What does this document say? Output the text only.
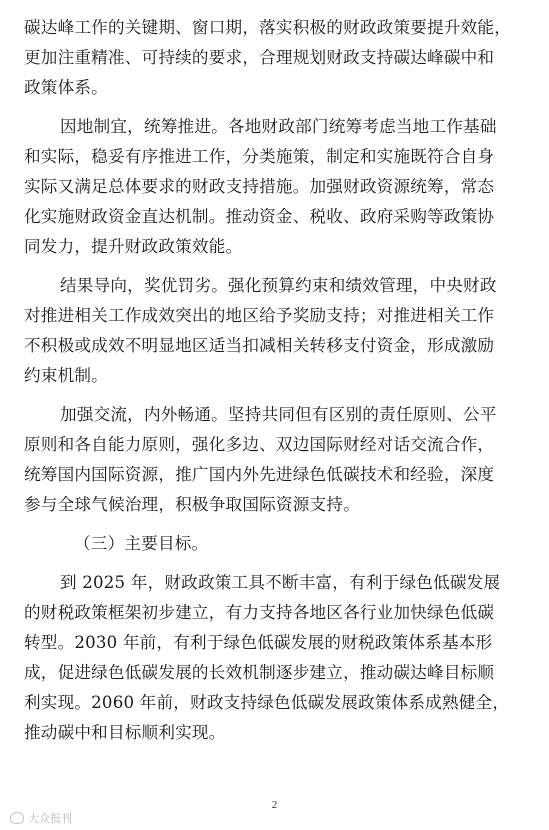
碳达峰工作的关键期、窗口期，落实积极的财政政策要提升效能，
更加注重精准、可持续的要求，合理规划财政支持碳达峰碳中和
政策体系。
因地制宜，统筹推进。各地财政部门统筹考虑当地工作基础
和实际，稳妥有序推进工作，分类施策，制定和实施既符合自身
实际又满足总体要求的财政支持措施。加强财政资源统筹，常态
化实施财政资金直达机制。推动资金、税收、政府采购等政策协
同发力，提升财政政策效能。
结果导向，奖优罚劣。强化预算约束和绩效管理，中央财政
对推进相关工作成效突出的地区给予奖励支持；对推进相关工作
不积极或成效不明显地区适当扣减相关转移支付资金，形成激励
约束机制。
加强交流，内外畅通。坚持共同但有区别的责任原则、公平
原则和各自能力原则，强化多边、双边国际财经对话交流合作，
统筹国内国际资源，推广国内外先进绿色低碳技术和经验，深度
参与全球气候治理，积极争取国际资源支持。
（三）主要目标。
到 2025 年，财政政策工具不断丰富，有利于绿色低碳发展
的财税政策框架初步建立，有力支持各地区各行业加快绿色低碳
转型。2030 年前，有利于绿色低碳发展的财税政策体系基本形
成，促进绿色低碳发展的长效机制逐步建立，推动碳达峰目标顺
利实现。2060 年前，财政支持绿色低碳发展政策体系成熟健全，
推动碳中和目标顺利实现。
2
大众报刊
